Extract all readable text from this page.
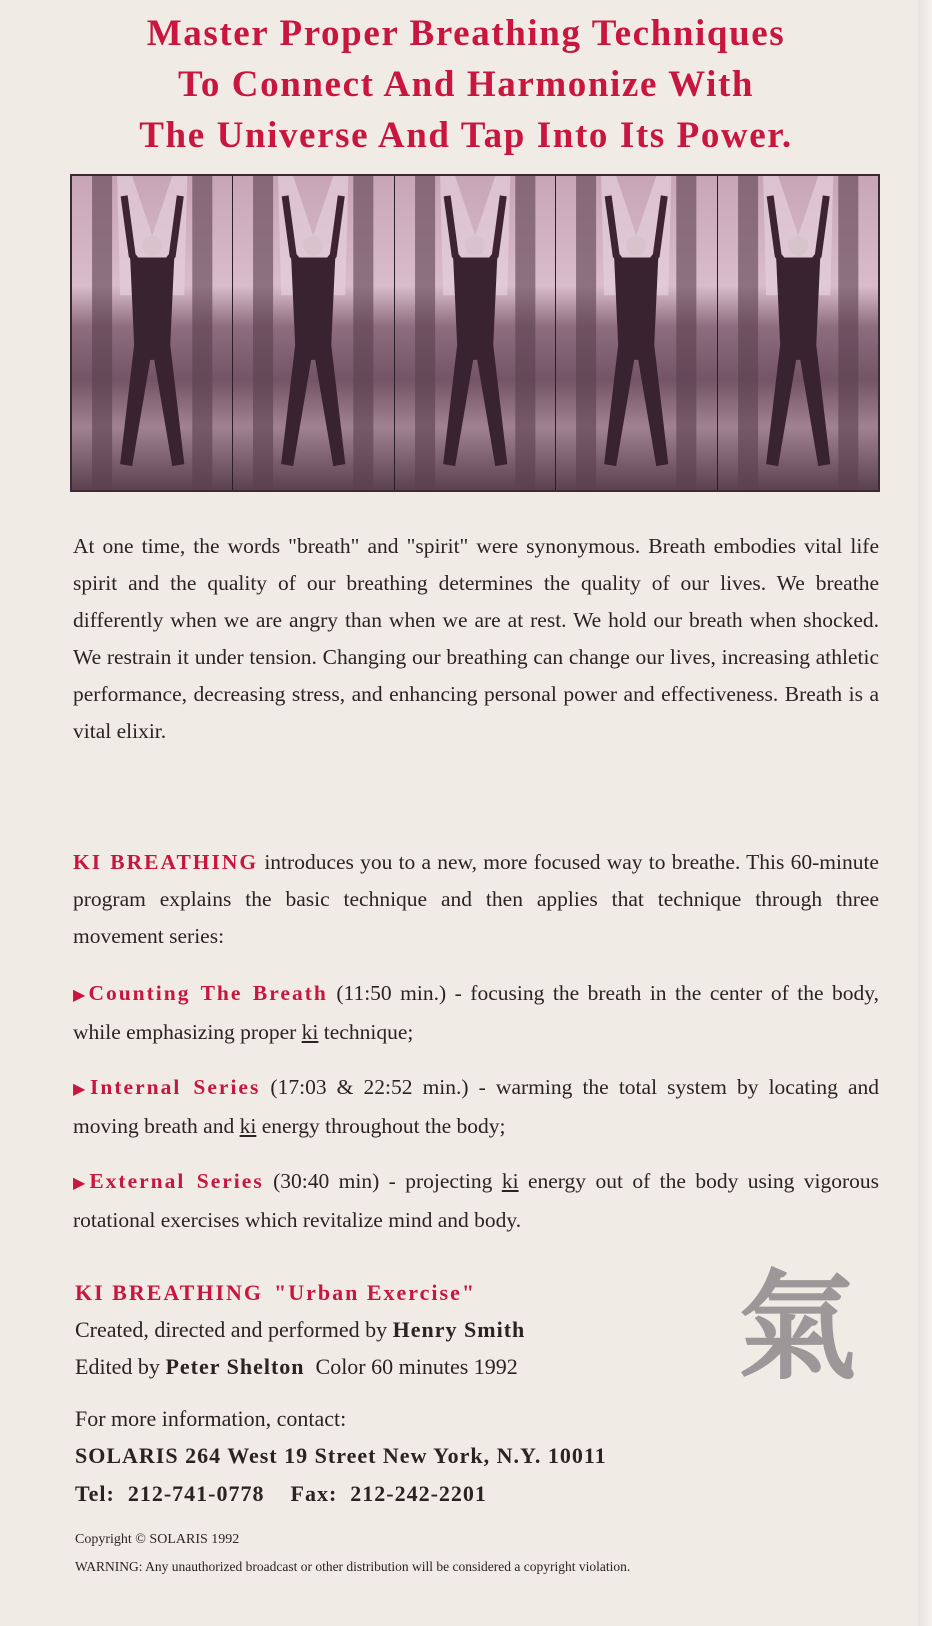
Master Proper Breathing Techniques
To Connect And Harmonize With
The Universe And Tap Into Its Power.
At one time, the words "breath" and "spirit" were synonymous. Breath embodies vital life spirit and the quality of our breathing determines the quality of our lives. We breathe differently when we are angry than when we are at rest. We hold our breath when shocked. We restrain it under tension. Changing our breathing can change our lives, increasing athletic performance, decreasing stress, and enhancing personal power and effectiveness. Breath is a vital elixir.
KI BREATHING introduces you to a new, more focused way to breathe. This 60-minute program explains the basic technique and then applies that technique through three movement series:
▶Counting The Breath (11:50 min.) - focusing the breath in the center of the body, while emphasizing proper ki technique;
▶Internal Series (17:03 & 22:52 min.) - warming the total system by locating and moving breath and ki energy throughout the body;
▶External Series (30:40 min) - projecting ki energy out of the body using vigorous rotational exercises which revitalize mind and body.
KI BREATHING "Urban Exercise"
Created, directed and performed by Henry Smith
Edited by Peter Shelton Color 60 minutes 1992 氣
For more information, contact:
SOLARIS 264 West 19 Street New York, N.Y. 10011
Tel: 212-741-0778 Fax: 212-242-2201
Copyright © SOLARIS 1992
WARNING: Any unauthorized broadcast or other distribution will be considered a copyright violation.
